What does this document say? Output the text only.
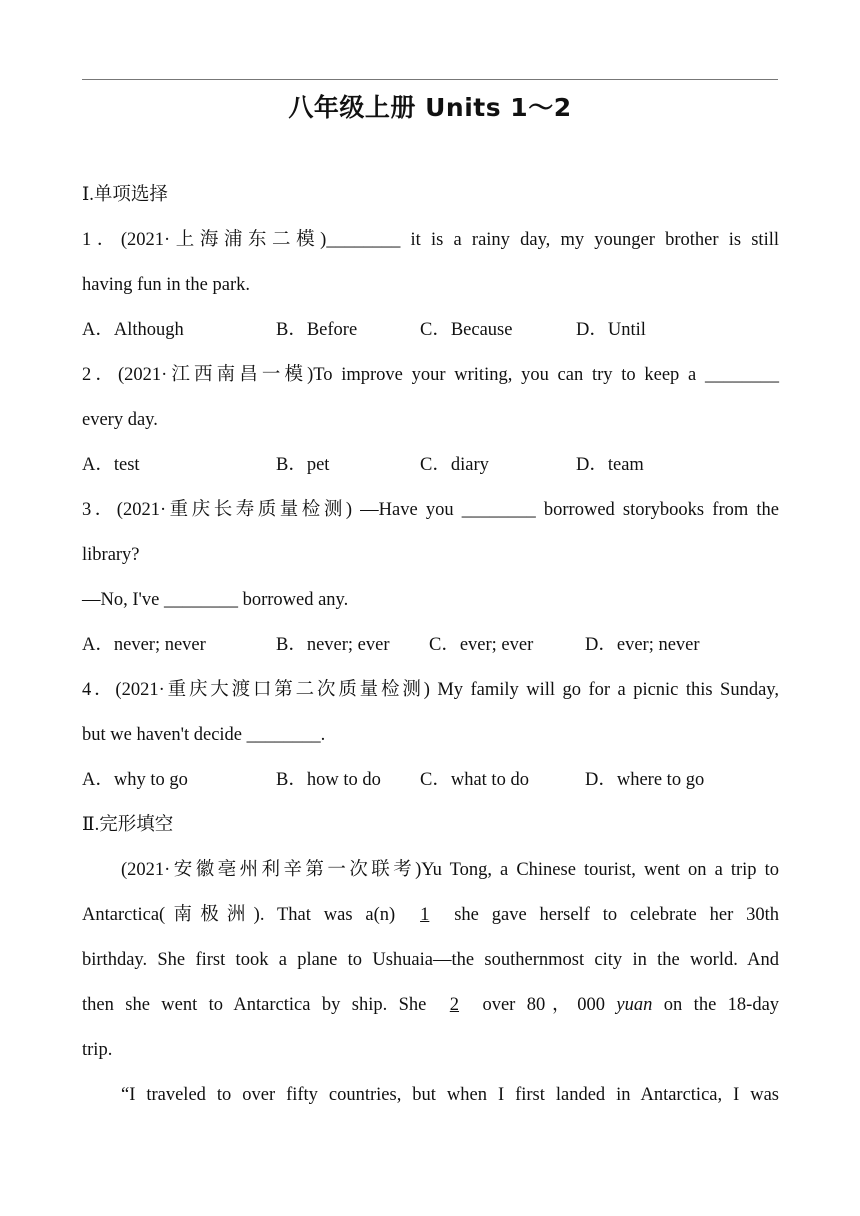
八年级上册 Units 1～2
Ⅰ.单项选择
1．(2021·上海浦东二模)________ it is a rainy day, my younger brother is still
having fun in the park.
A．Although	B．Before	C．Because	D．Until
2．(2021·江西南昌一模)To improve your writing, you can try to keep a ________
every day.
A．test	B．pet	C．diary	D．team
3．(2021·重庆长寿质量检测) —Have you ________ borrowed storybooks from the
library?
—No, I've ________ borrowed any.
A．never; never	B．never; ever C．ever; ever	D．ever; never
4．(2021·重庆大渡口第二次质量检测) My family will go for a picnic this Sunday,
but we haven't decide ________.
A．why to go	B．how to do C．what to do	D．where to go
Ⅱ.完形填空
(2021·安徽亳州利辛第一次联考)Yu Tong, a Chinese tourist, went on a trip to
Antarctica(南极洲). That was a(n) 1 she gave herself to celebrate her 30th
birthday. She first took a plane to Ushuaia—the southernmost city in the world. And
then she went to Antarctica by ship. She 2 over 80，000 yuan on the 18-day
trip.
“I traveled to over fifty countries, but when I first landed in Antarctica, I was
